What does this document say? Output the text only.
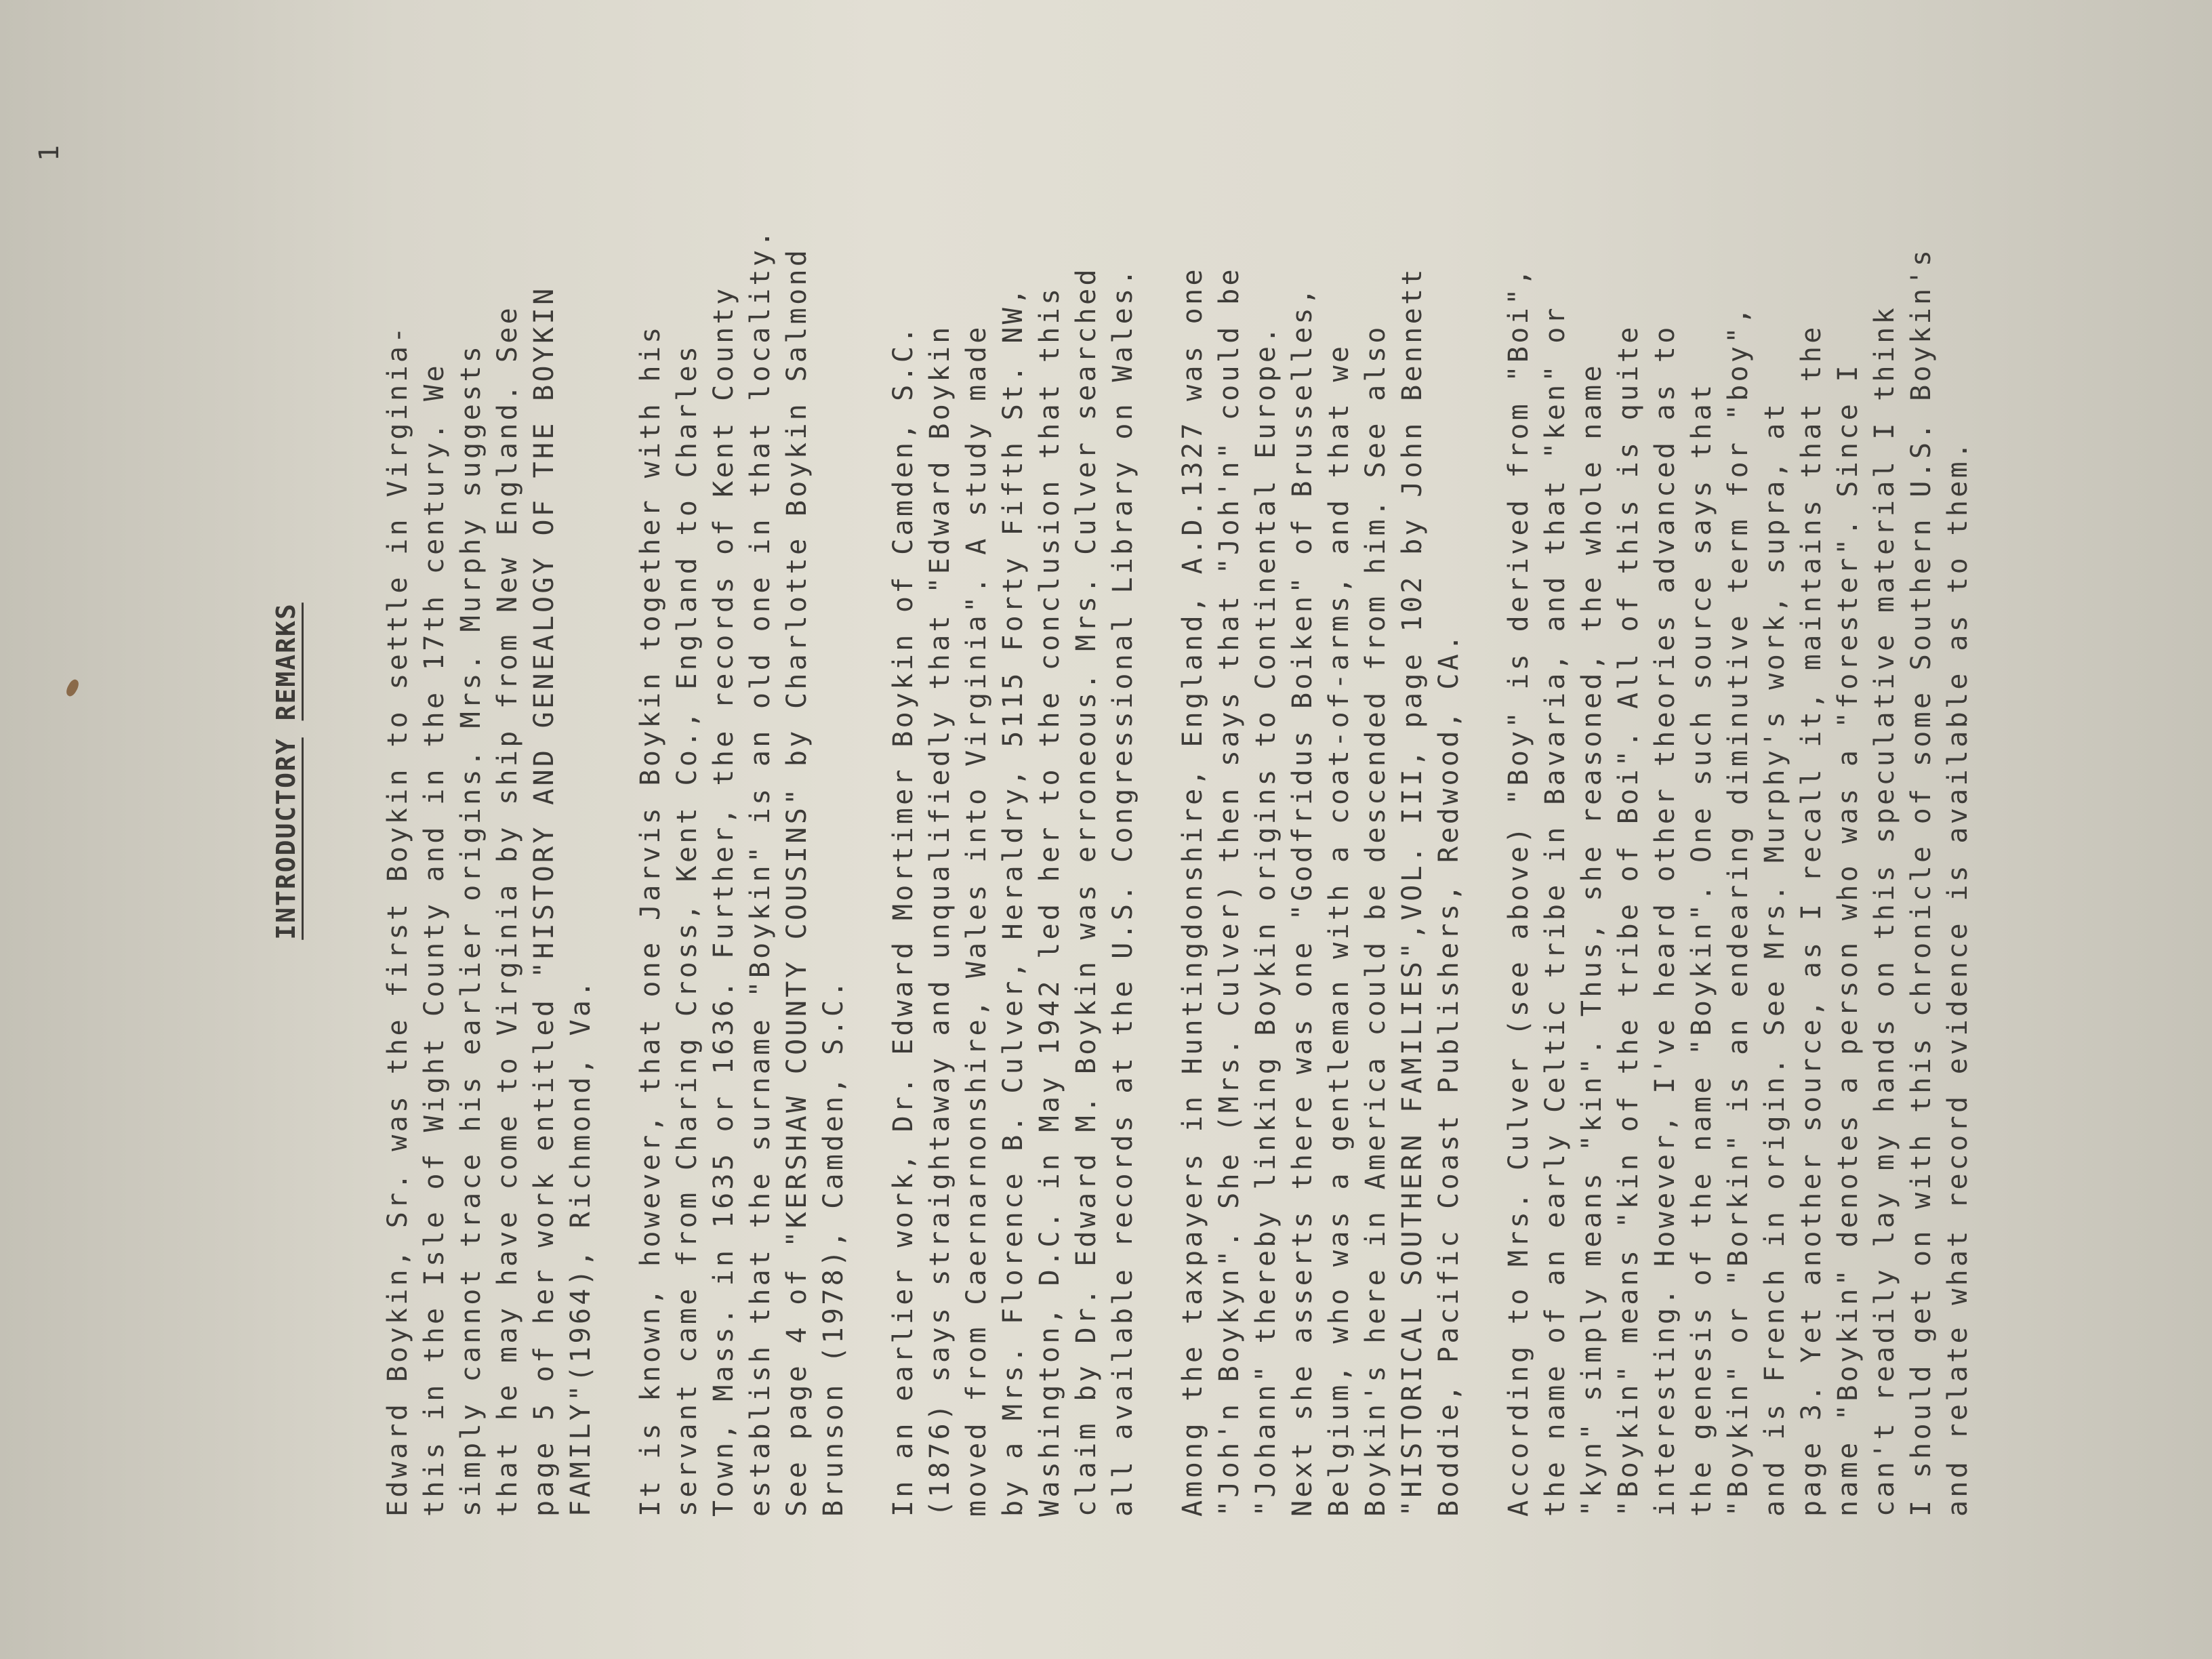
1

INTRODUCTORY REMARKS	Edward Boykin, Sr. was the first Boykin to settle in Virginia- this in the Isle of Wight County and in the 17th century. We simply cannot trace his earlier origins. Mrs. Murphy suggests that he may have come to Virginia by ship from New England. See page 5 of her work entitled "HISTORY AND GENEALOGY OF THE BOYKIN FAMILY"(1964), Richmond, Va. It is known, however, that one Jarvis Boykin together with his servant came from Charing Cross, Kent Co., England to Charles Town, Mass. in 1635 or 1636. Further, the records of Kent County establish that the surname "Boykin" is an old one in that locality. See page 4 of "KERSHAW COUNTY COUSINS" by Charlotte Boykin Salmond Brunson (1978), Camden, S.C. In an earlier work, Dr. Edward Mortimer Boykin of Camden, S.C. (1876) says straightaway and unqualifiedly that "Edward Boykin moved from Caernarnonshire, Wales into Virginia". A study made by a Mrs. Florence B. Culver, Heraldry, 5115 Forty Fifth St. NW, Washington, D.C. in May 1942 led her to the conclusion that this claim by Dr. Edward M. Boykin was erroneous. Mrs. Culver searched all available records at the U.S. Congressional Library on Wales. Among the taxpayers in Huntingdonshire, England, A.D.1327 was one "Joh'n Boykyn". She (Mrs. Culver) then says that "Joh'n" could be "Johann" thereby linking Boykin origins to Continental Europe. Next she asserts there was one "Godfridus Boiken" of Brusselles, Belgium, who was a gentleman with a coat-of-arms, and that we Boykin's here in America could be descended from him. See also "HISTORICAL SOUTHERN FAMILIES",VOL. III, page 102 by John Bennett Boddie, Pacific Coast Publishers, Redwood, CA. According to Mrs. Culver (see above) "Boy" is derived from "Boi", the name of an early Celtic tribe in Bavaria, and that "ken" or "kyn" simply means "kin". Thus, she reasoned, the whole name "Boykin" means "kin of the tribe of Boi". All of this is quite interesting. However, I've heard other theories advanced as to the genesis of the name "Boykin". One such source says that "Boykin" or "Borkin" is an endearing diminutive term for "boy", and is French in origin. See Mrs. Murphy's work, supra, at page 3. Yet another source, as I recall it, maintains that the name "Boykin" denotes a person who was a "forester". Since I can't readily lay my hands on this speculative material I think I should get on with this chronicle of some Southern U.S. Boykin's and relate what record evidence is available as to them.
